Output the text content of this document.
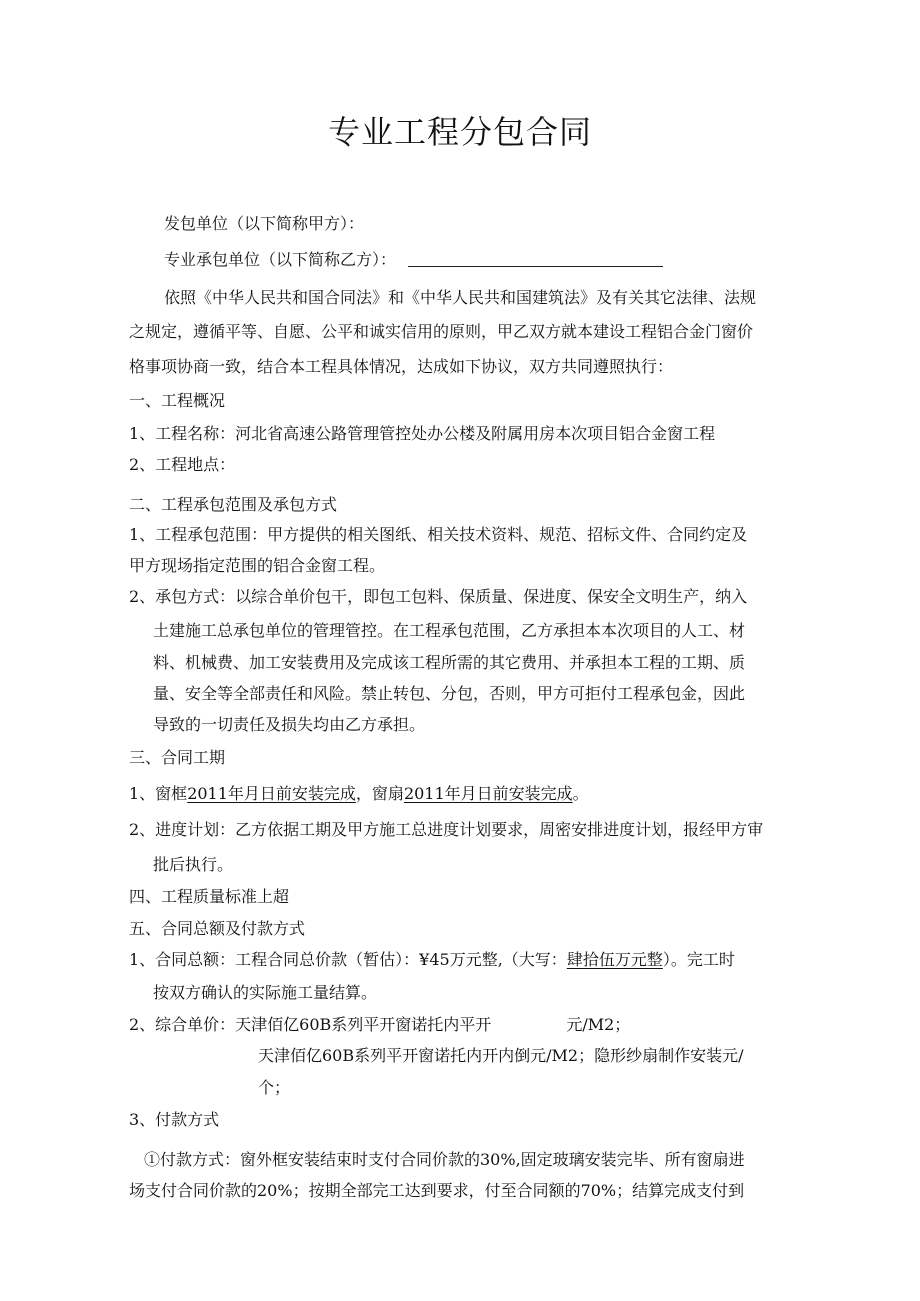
专业工程分包合同
发包单位（以下简称甲方）：
专业承包单位（以下简称乙方）：
依照《中华人民共和国合同法》和《中华人民共和国建筑法》及有关其它法律、法规
之规定，遵循平等、自愿、公平和诚实信用的原则，甲乙双方就本建设工程铝合金门窗价
格事项协商一致，结合本工程具体情况，达成如下协议，双方共同遵照执行：
一、工程概况
1、工程名称：河北省高速公路管理管控处办公楼及附属用房本次项目铝合金窗工程
2、工程地点：
二、工程承包范围及承包方式
1、工程承包范围：甲方提供的相关图纸、相关技术资料、规范、招标文件、合同约定及
甲方现场指定范围的铝合金窗工程。
2、承包方式：以综合单价包干，即包工包料、保质量、保进度、保安全文明生产，纳入
土建施工总承包单位的管理管控。在工程承包范围，乙方承担本本次项目的人工、材
料、机械费、加工安装费用及完成该工程所需的其它费用、并承担本工程的工期、质
量、安全等全部责任和风险。禁止转包、分包，否则，甲方可拒付工程承包金，因此
导致的一切责任及损失均由乙方承担。
三、合同工期
1、窗框2011年月日前安装完成，窗扇2011年月日前安装完成。
2、进度计划：乙方依据工期及甲方施工总进度计划要求，周密安排进度计划，报经甲方审
批后执行。
四、工程质量标准上超
五、合同总额及付款方式
1、合同总额：工程合同总价款（暂估）：¥45万元整,（大写：肆拾伍万元整）。完工时
按双方确认的实际施工量结算。
2、综合单价：天津佰亿60B系列平开窗诺托内平开	元/M2；
天津佰亿60B系列平开窗诺托内开内倒元/M2；隐形纱扇制作安装元/
个；
3、付款方式
①付款方式：窗外框安装结束时支付合同价款的30%,固定玻璃安装完毕、所有窗扇进
场支付合同价款的20%；按期全部完工达到要求，付至合同额的70%；结算完成支付到
